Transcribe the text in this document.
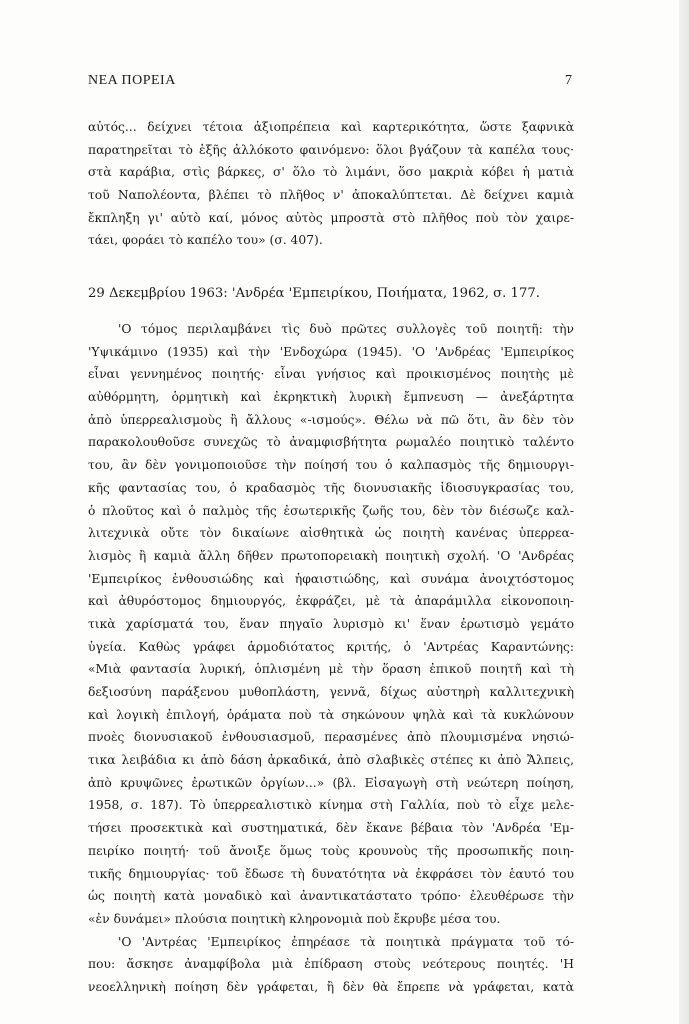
ΝΕΑ ΠΟΡΕΙΑ	7
αὐτός... δείχνει τέτοια ἀξιοπρέπεια καὶ καρτερικότητα, ὥστε ξαφνικὰ
παρατηρεῖται τὸ ἑξῆς ἀλλόκοτο φαινόμενο: ὅλοι βγάζουν τὰ καπέλα τους·
στὰ καράβια, στὶς βάρκες, σ' ὅλο τὸ λιμάνι, ὅσο μακριὰ κόβει ἡ ματιὰ
τοῦ Ναπολέοντα, βλέπει τὸ πλῆθος ν' ἀποκαλύπτεται. Δὲ δείχνει καμιὰ
ἔκπληξη γι' αὐτὸ καί, μόνος αὐτὸς μπροστὰ στὸ πλῆθος ποὺ τὸν χαιρε-
τάει, φοράει τὸ καπέλο του» (σ. 407).
29 Δεκεμβρίου 1963: 'Ανδρέα 'Εμπειρίκου, Ποιήματα, 1962, σ. 177.
'Ο τόμος περιλαμβάνει τὶς δυὸ πρῶτες συλλογὲς τοῦ ποιητῆ: τὴν
'Υψικάμινο (1935) καὶ τὴν 'Ενδοχώρα (1945). 'Ο 'Ανδρέας 'Εμπειρίκος
εἶναι γεννημένος ποιητής· εἶναι γνήσιος καὶ προικισμένος ποιητὴς μὲ
αὐθόρμητη, ὁρμητικὴ καὶ ἐκρηκτικὴ λυρικὴ ἔμπνευση — ἀνεξάρτητα
ἀπὸ ὑπερρεαλισμοὺς ἢ ἄλλους «-ισμούς». Θέλω νὰ πῶ ὅτι, ἂν δὲν τὸν
παρακολουθοῦσε συνεχῶς τὸ ἀναμφισβήτητα ρωμαλέο ποιητικὸ ταλέντο
του, ἂν δὲν γονιμοποιοῦσε τὴν ποίησή του ὁ καλπασμὸς τῆς δημιουργι-
κῆς φαντασίας του, ὁ κραδασμὸς τῆς διονυσιακῆς ἰδιοσυγκρασίας του,
ὁ πλοῦτος καὶ ὁ παλμὸς τῆς ἐσωτερικῆς ζωῆς του, δὲν τὸν διέσωζε καλ-
λιτεχνικὰ οὔτε τὸν δικαίωνε αἰσθητικὰ ὡς ποιητὴ κανένας ὑπερρεα-
λισμὸς ἢ καμιὰ ἄλλη δῆθεν πρωτοπορειακὴ ποιητικὴ σχολή. 'Ο 'Ανδρέας
'Εμπειρίκος ἐνθουσιώδης καὶ ἡφαιστιώδης, καὶ συνάμα ἀνοιχτόστομος
καὶ ἀθυρόστομος δημιουργός, ἐκφράζει, μὲ τὰ ἀπαράμιλλα εἰκονοποιη-
τικὰ χαρίσματά του, ἕναν πηγαῖο λυρισμὸ κι' ἕναν ἐρωτισμὸ γεμάτο
ὑγεία. Καθὼς γράφει ἁρμοδιότατος κριτής, ὁ 'Αντρέας Καραντώνης:
«Μιὰ φαντασία λυρική, ὁπλισμένη μὲ τὴν ὅραση ἐπικοῦ ποιητῆ καὶ τὴ
δεξιοσύνη παράξενου μυθοπλάστη, γεννᾶ, δίχως αὐστηρὴ καλλιτεχνικὴ
καὶ λογικὴ ἐπιλογή, ὁράματα ποὺ τὰ σηκώνουν ψηλὰ καὶ τὰ κυκλώνουν
πνοὲς διονυσιακοῦ ἐνθουσιασμοῦ, περασμένες ἀπὸ πλουμισμένα νησιώ-
τικα λειβάδια κι ἀπὸ δάση ἀρκαδικά, ἀπὸ σλαβικὲς στέπες κι ἀπὸ Ἄλπεις,
ἀπὸ κρυψῶνες ἐρωτικῶν ὀργίων...» (βλ. Εἰσαγωγὴ στὴ νεώτερη ποίηση,
1958, σ. 187). Τὸ ὑπερρεαλιστικὸ κίνημα στὴ Γαλλία, ποὺ τὸ εἶχε μελε-
τήσει προσεκτικὰ καὶ συστηματικά, δὲν ἔκανε βέβαια τὸν 'Ανδρέα 'Εμ-
πειρίκο ποιητή· τοῦ ἄνοιξε ὅμως τοὺς κρουνοὺς τῆς προσωπικῆς ποιη-
τικῆς δημιουργίας· τοῦ ἔδωσε τὴ δυνατότητα νὰ ἐκφράσει τὸν ἑαυτό του
ὡς ποιητὴ κατὰ μοναδικὸ καὶ ἀναντικατάστατο τρόπο· ἐλευθέρωσε τὴν
«ἐν δυνάμει» πλούσια ποιητικὴ κληρονομιὰ ποὺ ἔκρυβε μέσα του.
'Ο 'Αντρέας 'Εμπειρίκος ἐπηρέασε τὰ ποιητικὰ πράγματα τοῦ τό-
που: ἄσκησε ἀναμφίβολα μιὰ ἐπίδραση στοὺς νεότερους ποιητές. 'Η
νεοελληνικὴ ποίηση δὲν γράφεται, ἢ δὲν θὰ ἔπρεπε νὰ γράφεται, κατὰ
